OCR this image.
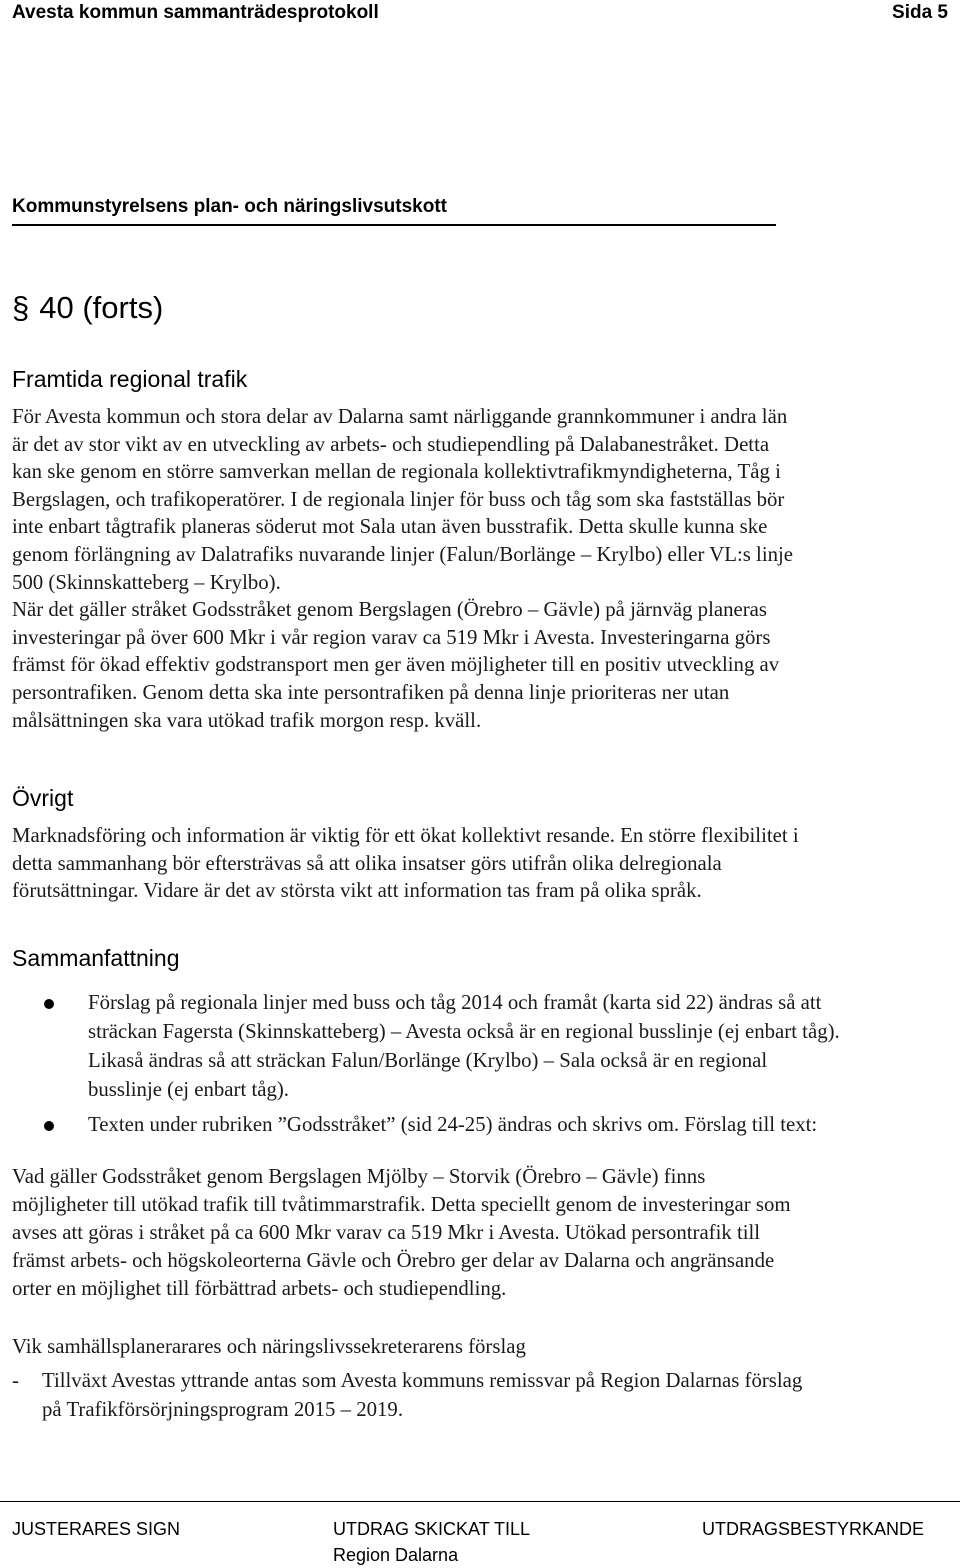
Avesta kommun sammanträdesprotokoll	Sida 5
Kommunstyrelsens plan- och näringslivsutskott
§ 40 (forts)
Framtida regional trafik

För Avesta kommun och stora delar av Dalarna samt närliggande grannkommuner i andra län

är det av stor vikt av en utveckling av arbets- och studiependling på Dalabanestråket. Detta

kan ske genom en större samverkan mellan de regionala kollektivtrafikmyndigheterna, Tåg i

Bergslagen, och trafikoperatörer. I de regionala linjer för buss och tåg som ska fastställas bör

inte enbart tågtrafik planeras söderut mot Sala utan även busstrafik. Detta skulle kunna ske

genom förlängning av Dalatrafiks nuvarande linjer (Falun/Borlänge – Krylbo) eller VL:s linje

500 (Skinnskatteberg – Krylbo).

När det gäller stråket Godsstråket genom Bergslagen (Örebro – Gävle) på järnväg planeras

investeringar på över 600 Mkr i vår region varav ca 519 Mkr i Avesta. Investeringarna görs

främst för ökad effektiv godstransport men ger även möjligheter till en positiv utveckling av

persontrafiken. Genom detta ska inte persontrafiken på denna linje prioriteras ner utan

målsättningen ska vara utökad trafik morgon resp. kväll.

Övrigt

Marknadsföring och information är viktig för ett ökat kollektivt resande. En större flexibilitet i

detta sammanhang bör eftersträvas så att olika insatser görs utifrån olika delregionala

förutsättningar. Vidare är det av största vikt att information tas fram på olika språk.

Sammanfattning
Förslag på regionala linjer med buss och tåg 2014 och framåt (karta sid 22) ändras så att
sträckan Fagersta (Skinnskatteberg) – Avesta också är en regional busslinje (ej enbart tåg).
Likaså ändras så att sträckan Falun/Borlänge (Krylbo) – Sala också är en regional
busslinje (ej enbart tåg).
Texten under rubriken ”Godsstråket” (sid 24-25) ändras och skrivs om. Förslag till text:

Vad gäller Godsstråket genom Bergslagen Mjölby – Storvik (Örebro – Gävle) finns

möjligheter till utökad trafik till tvåtimmarstrafik. Detta speciellt genom de investeringar som

avses att göras i stråket på ca 600 Mkr varav ca 519 Mkr i Avesta. Utökad persontrafik till

främst arbets- och högskoleorterna Gävle och Örebro ger delar av Dalarna och angränsande

orter en möjlighet till förbättrad arbets- och studiependling.

Vik samhällsplanerarares och näringslivssekreterarens förslag
- Tillväxt Avestas yttrande antas som Avesta kommuns remissvar på Region Dalarnas förslag
på Trafikförsörjningsprogram 2015 – 2019.
JUSTERARES SIGN	UTDRAG SKICKAT TILL
Region Dalarna
UTDRAGSBESTYRKANDE
